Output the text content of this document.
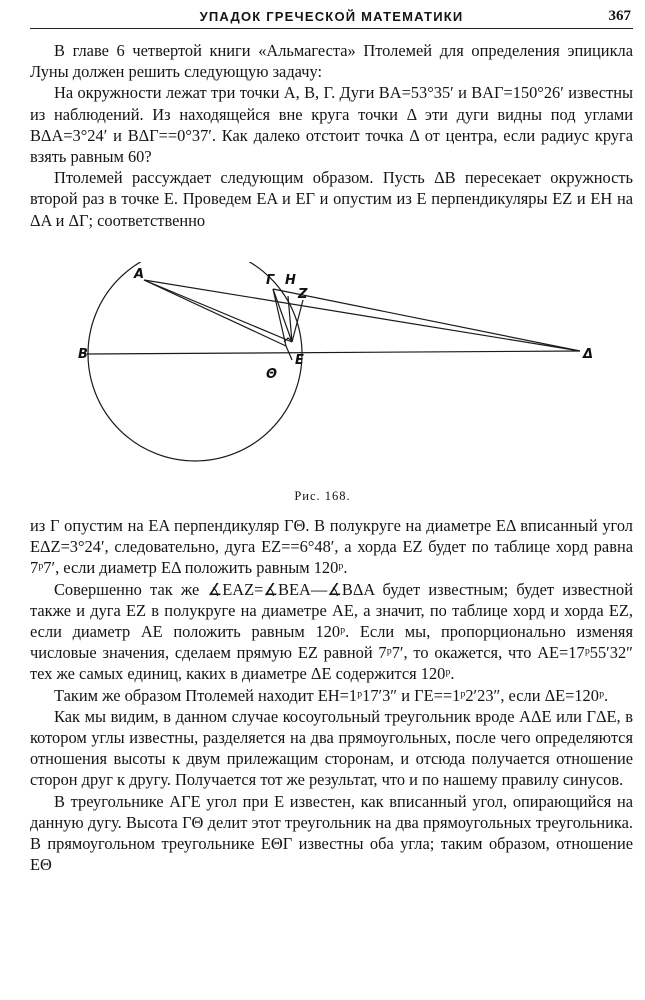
УПАДОК ГРЕЧЕСКОЙ МАТЕМАТИКИ	367

В главе 6 четвертой книги «Альмагеста» Птолемей для определения эпицикла Луны должен решить следующую задачу:

На окружности лежат три точки A, B, Г. Дуги BA=53°35′ и BAГ=150°26′ известны из наблюдений. Из находящейся вне круга точки Δ эти дуги видны под углами BΔA=3°24′ и BΔГ==0°37′. Как далеко отстоит точка Δ от центра, если радиус круга взять равным 60?

Птолемей рассуждает следующим образом. Пусть ΔB пересекает окружность второй раз в точке E. Проведем EA и EГ и опустим из E перпендикуляры EZ и EH на ΔA и ΔГ; соответственно

A
B
Γ H
Z
E
Θ
Δ
Рис. 168.

из Г опустим на EA перпендикуляр ГΘ. В полукруге на диаметре EΔ вписанный угол EΔZ=3°24′, следовательно, дуга EZ==6°48′, а хорда EZ будет по таблице хорд равна 7ᵖ7′, если диаметр EΔ положить равным 120ᵖ.

Совершенно так же ∡EAZ=∡BEA—∡BΔA будет известным; будет известной также и дуга EZ в полукруге на диаметре AE, а значит, по таблице хорд и хорда EZ, если диаметр AE положить равным 120ᵖ. Если мы, пропорционально изменяя числовые значения, сделаем прямую EZ равной 7ᵖ7′, то окажется, что AE=17ᵖ55′32″ тех же самых единиц, каких в диаметре ΔE содержится 120ᵖ.

Таким же образом Птолемей находит EH=1ᵖ17′3″ и ГE==1ᵖ2′23″, если ΔE=120ᵖ.

Как мы видим, в данном случае косоугольный треугольник вроде AΔE или ГΔE, в котором углы известны, разделяется на два прямоугольных, после чего определяются отношения высоты к двум прилежащим сторонам, и отсюда получается отношение сторон друг к другу. Получается тот же результат, что и по нашему правилу синусов.

В треугольнике AГE угол при E известен, как вписанный угол, опирающийся на данную дугу. Высота ГΘ делит этот треугольник на два прямоугольных треугольника. В прямоугольном треугольнике EΘГ известны оба угла; таким образом, отношение EΘ
